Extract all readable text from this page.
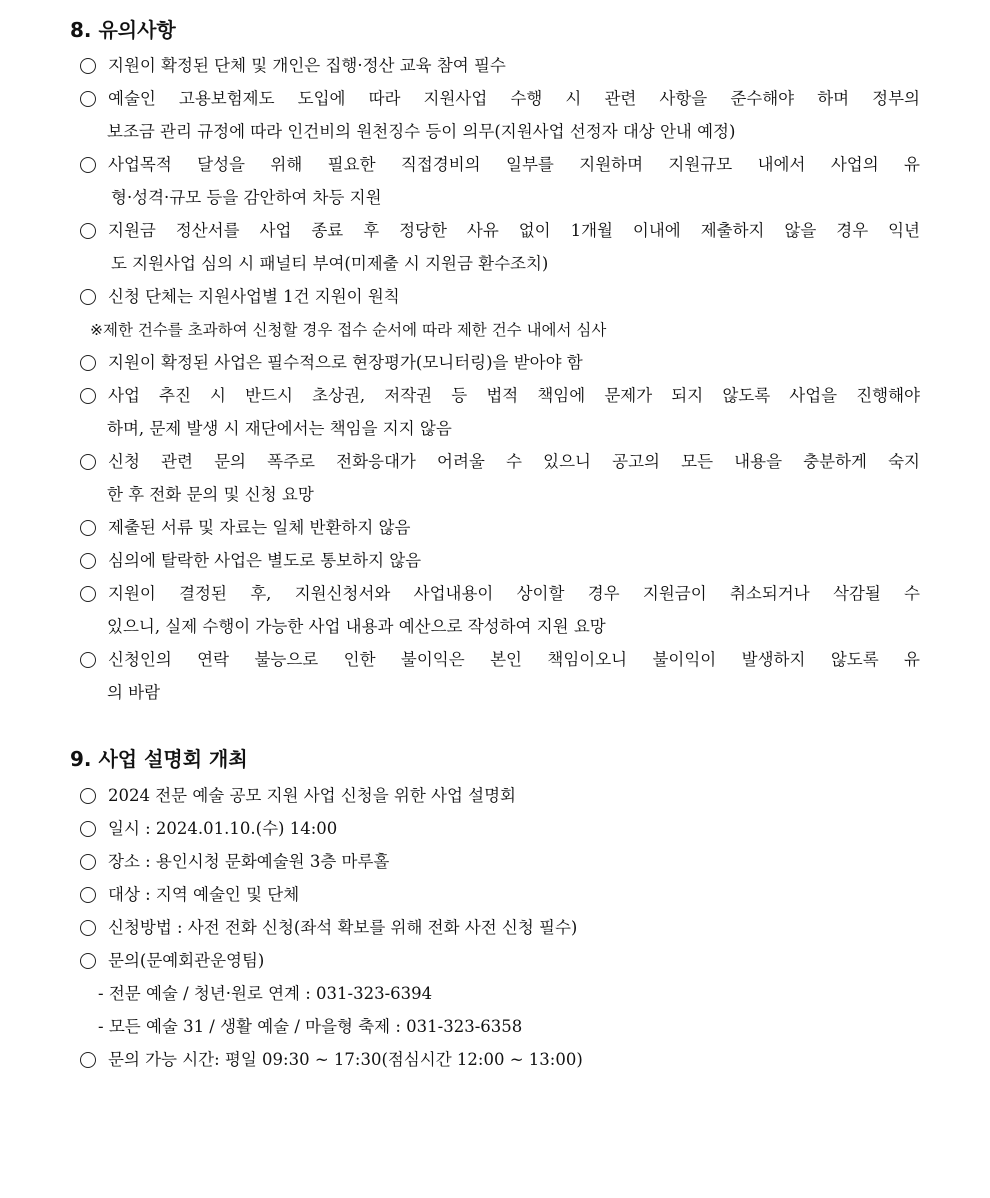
8. 유의사항
지원이 확정된 단체 및 개인은 집행·정산 교육 참여 필수
예술인 고용보험제도 도입에 따라 지원사업 수행 시 관련 사항을 준수해야 하며 정부의
보조금 관리 규정에 따라 인건비의 원천징수 등이 의무(지원사업 선정자 대상 안내 예정)
사업목적 달성을 위해 필요한 직접경비의 일부를 지원하며 지원규모 내에서 사업의 유
형·성격·규모 등을 감안하여 차등 지원
지원금 정산서를 사업 종료 후 정당한 사유 없이 1개월 이내에 제출하지 않을 경우 익년
도 지원사업 심의 시 패널티 부여(미제출 시 지원금 환수조치)
신청 단체는 지원사업별 1건 지원이 원칙
※제한 건수를 초과하여 신청할 경우 접수 순서에 따라 제한 건수 내에서 심사
지원이 확정된 사업은 필수적으로 현장평가(모니터링)을 받아야 함
사업 추진 시 반드시 초상권, 저작권 등 법적 책임에 문제가 되지 않도록 사업을 진행해야
하며, 문제 발생 시 재단에서는 책임을 지지 않음
신청 관련 문의 폭주로 전화응대가 어려울 수 있으니 공고의 모든 내용을 충분하게 숙지
한 후 전화 문의 및 신청 요망
제출된 서류 및 자료는 일체 반환하지 않음
심의에 탈락한 사업은 별도로 통보하지 않음
지원이 결정된 후, 지원신청서와 사업내용이 상이할 경우 지원금이 취소되거나 삭감될 수
있으니, 실제 수행이 가능한 사업 내용과 예산으로 작성하여 지원 요망
신청인의 연락 불능으로 인한 불이익은 본인 책임이오니 불이익이 발생하지 않도록 유
의 바람
9. 사업 설명회 개최
2024 전문 예술 공모 지원 사업 신청을 위한 사업 설명회
일시 : 2024.01.10.(수) 14:00
장소 : 용인시청 문화예술원 3층 마루홀
대상 : 지역 예술인 및 단체
신청방법 : 사전 전화 신청(좌석 확보를 위해 전화 사전 신청 필수)
문의(문예회관운영팀)
- 전문 예술 / 청년·원로 연계 : 031-323-6394
- 모든 예술 31 / 생활 예술 / 마을형 축제 : 031-323-6358
문의 가능 시간: 평일 09:30 ~ 17:30(점심시간 12:00 ~ 13:00)
